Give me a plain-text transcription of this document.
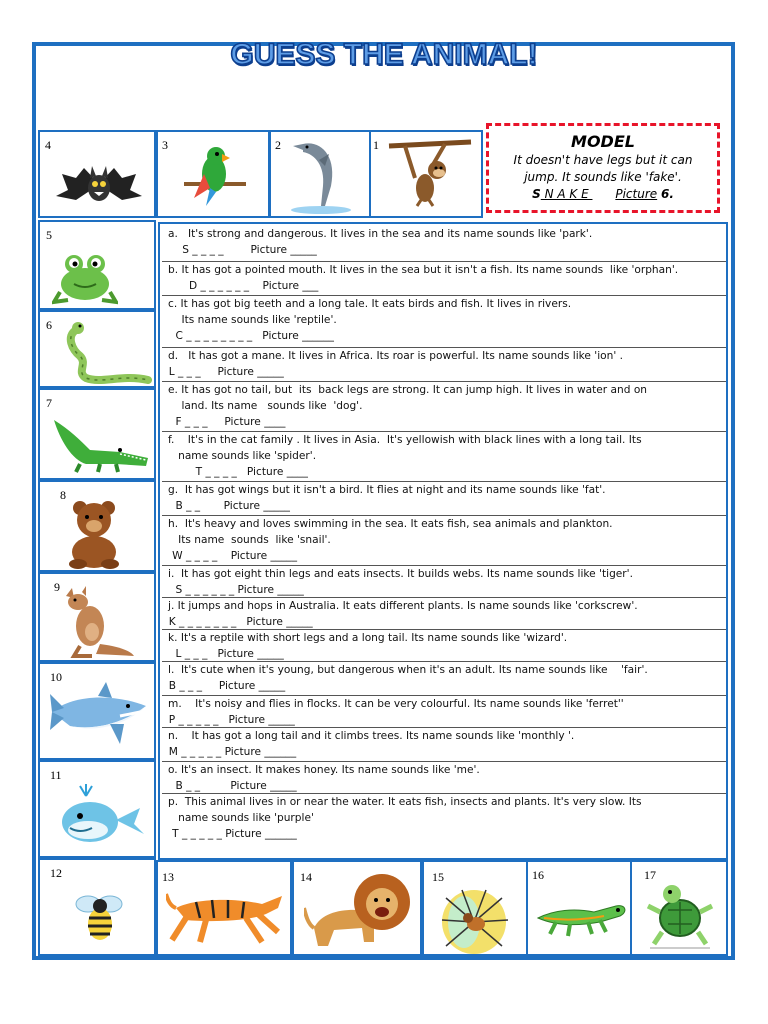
GUESS THE ANIMAL!
4	3	2	1	MODEL
It doesn't have legs but it can
jump. It sounds like 'fake'.
S N A K E       Picture 6.
5
6
7
8
9
10
11
12	13	14	15	16	17
a.   It's strong and dangerous. It lives in the sea and its name sounds like 'park'.
S _ _ _ _        Picture _____
b. It has got a pointed mouth. It lives in the sea but it isn't a fish. Its name sounds  like 'orphan'.
D _ _ _ _ _ _    Picture ___
c. It has got big teeth and a long tale. It eats birds and fish. It lives in rivers.
Its name sounds like 'reptile'.
C _ _ _ _ _ _ _ _   Picture ______
d.   It has got a mane. It lives in Africa. Its roar is powerful. Its name sounds like 'ion' .
L _ _ _     Picture _____
e. It has got no tail, but  its  back legs are strong. It can jump high. It lives in water and on
land. Its name   sounds like  'dog'.
F _ _ _     Picture ____
f.    It's in the cat family . It lives in Asia.  It's yellowish with black lines with a long tail. Its
name sounds like 'spider'.
T _ _ _ _   Picture ____
g.  It has got wings but it isn't a bird. It flies at night and its name sounds like 'fat'.
B _ _       Picture _____
h.  It's heavy and loves swimming in the sea. It eats fish, sea animals and plankton.
Its name  sounds  like 'snail'.
W _ _ _ _    Picture _____
i.  It has got eight thin legs and eats insects. It builds webs. Its name sounds like 'tiger'.
S _ _ _ _ _ _ Picture _____
j. It jumps and hops in Australia. It eats different plants. Is name sounds like 'corkscrew'.
K _ _ _ _ _ _ _   Picture _____
k. It's a reptile with short legs and a long tail. Its name sounds like 'wizard'.
L _ _ _   Picture _____
l.  It's cute when it's young, but dangerous when it's an adult. Its name sounds like    'fair'.
B _ _ _     Picture _____
m.    It's noisy and flies in flocks. It can be very colourful. Its name sounds like 'ferret''
P _ _ _ _ _   Picture _____
n.    It has got a long tail and it climbs trees. Its name sounds like 'monthly '.
M _ _ _ _ _ Picture ______
o. It's an insect. It makes honey. Its name sounds like 'me'.
B _ _         Picture _____
p.  This animal lives in or near the water. It eats fish, insects and plants. It's very slow. Its
name sounds like 'purple'
T _ _ _ _ _ Picture ______
